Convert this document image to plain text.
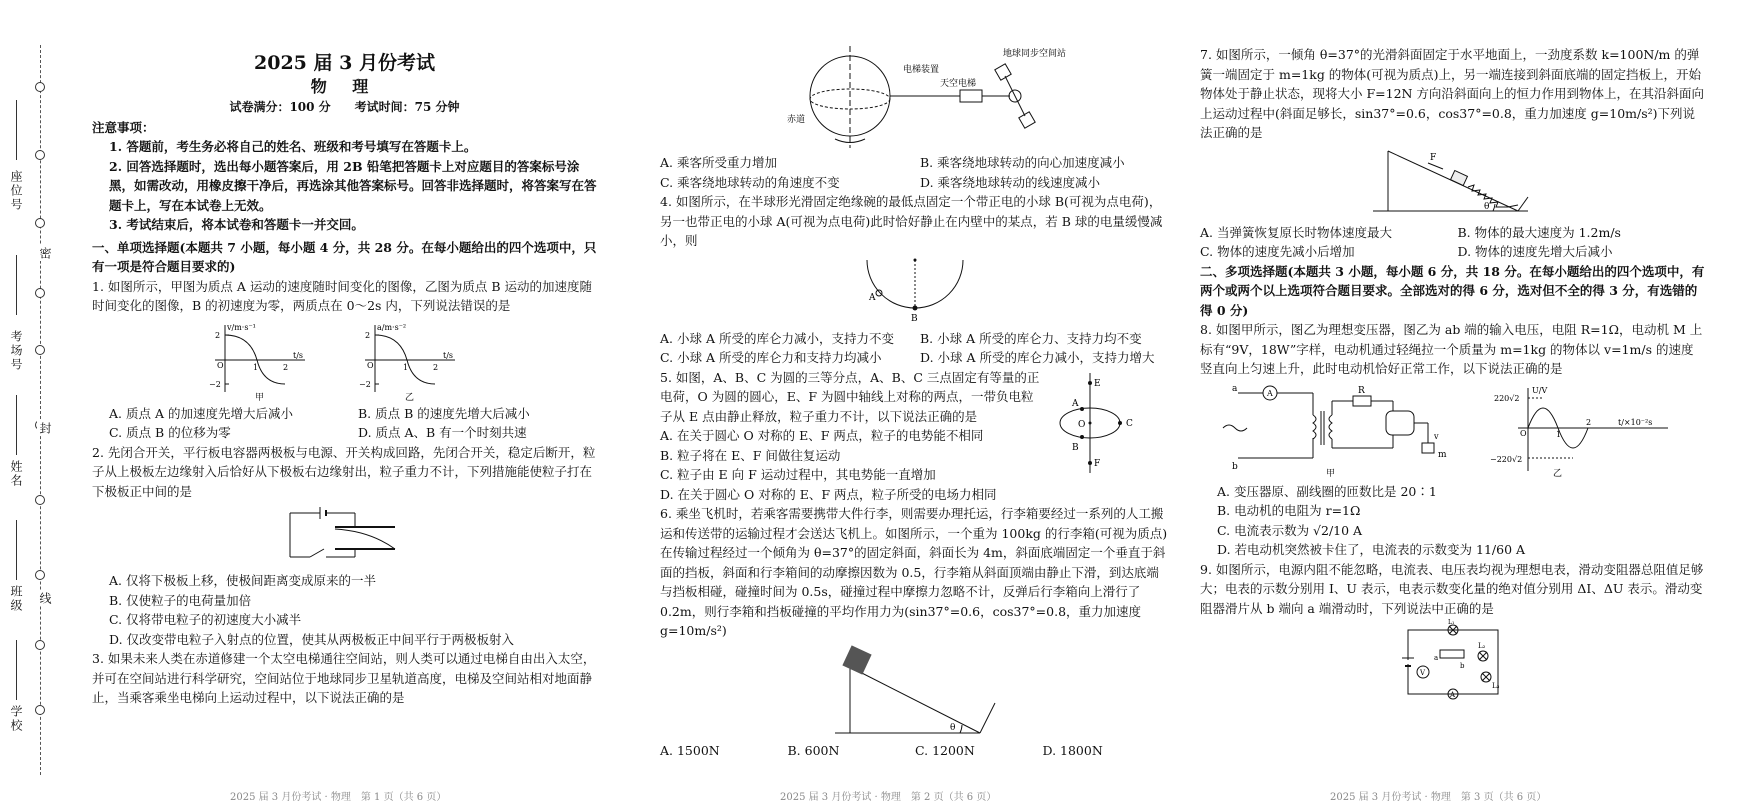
座位号
考场号
姓名
班级
学校
密
封
线
2025 届 3 月份考试
物 理
试卷满分：100 分　　考试时间：75 分钟

注意事项：

1. 答题前，考生务必将自己的姓名、班级和考号填写在答题卡上。

2. 回答选择题时，选出每小题答案后，用 2B 铅笔把答题卡上对应题目的答案标号涂黑，如需改动，用橡皮擦干净后，再选涂其他答案标号。回答非选择题时，将答案写在答题卡上，写在本试卷上无效。

3. 考试结束后，将本试卷和答题卡一并交回。

一、单项选择题(本题共 7 小题，每小题 4 分，共 28 分。在每小题给出的四个选项中，只有一项是符合题目要求的)

1. 如图所示，甲图为质点 A 运动的速度随时间变化的图像，乙图为质点 B 运动的加速度随时间变化的图像，B 的初速度为零，两质点在 0～2s 内，下列说法错误的是

v/m·s⁻¹
2
−2
O	1	2
t/s
甲
a/m·s⁻²
2
−2
O	1	2
t/s
乙

A. 质点 A 的加速度先增大后减小	B. 质点 B 的速度先增大后减小

C. 质点 B 的位移为零	D. 质点 A、B 有一个时刻共速

2. 先闭合开关，平行板电容器两极板与电源、开关构成回路，先闭合开关，稳定后断开，粒子从上极板左边缘射入后恰好从下极板右边缘射出，粒子重力不计，下列措施能使粒子打在下极板正中间的是

A. 仅将下极板上移，使极间距离变成原来的一半

B. 仅使粒子的电荷量加倍

C. 仅将带电粒子的初速度大小减半

D. 仅改变带电粒子入射点的位置，使其从两极板正中间平行于两极板射入

3. 如果未来人类在赤道修建一个太空电梯通往空间站，则人类可以通过电梯自由出入太空，并可在空间站进行科学研究，空间站位于地球同步卫星轨道高度，电梯及空间站相对地面静止，当乘客乘坐电梯向上运动过程中，以下说法正确的是

2025 届 3 月份考试 · 物理　第 1 页（共 6 页）
地球同步空间站
电梯装置
天空电梯
赤道

A. 乘客所受重力增加	B. 乘客绕地球转动的向心加速度减小

C. 乘客绕地球转动的角速度不变	D. 乘客绕地球转动的线速度减小

4. 如图所示，在半球形光滑固定绝缘碗的最低点固定一个带正电的小球 B(可视为点电荷)，另一也带正电的小球 A(可视为点电荷)此时恰好静止在内壁中的某点，若 B 球的电量缓慢减小，则

A
B

A. 小球 A 所受的库仑力减小，支持力不变	B. 小球 A 所受的库仑力、支持力均不变

C. 小球 A 所受的库仑力和支持力均减小	D. 小球 A 所受的库仑力减小，支持力增大

5. 如图，A、B、C 为圆的三等分点，A、B、C 三点固定有等量的正电荷，O 为圆的圆心，E、F 为圆中轴线上对称的两点，一带负电粒子从 E 点由静止释放，粒子重力不计，以下说法正确的是

A. 在关于圆心 O 对称的 E、F 两点，粒子的电势能不相同

B. 粒子将在 E、F 间做往复运动

C. 粒子由 E 向 F 运动过程中，其电势能一直增加

D. 在关于圆心 O 对称的 E、F 两点，粒子所受的电场力相同

E
A
O	C
B
F

6. 乘坐飞机时，若乘客需要携带大件行李，则需要办理托运，行李箱要经过一系列的人工搬运和传送带的运输过程才会送达飞机上。如图所示，一个重为 100kg 的行李箱(可视为质点)在传输过程经过一个倾角为 θ=37°的固定斜面，斜面长为 4m，斜面底端固定一个垂直于斜面的挡板，斜面和行李箱间的动摩擦因数为 0.5，行李箱从斜面顶端由静止下滑，到达底端与挡板相碰，碰撞时间为 0.5s，碰撞过程中摩擦力忽略不计，反弹后行李箱向上滑行了 0.2m，则行李箱和挡板碰撞的平均作用力为(sin37°=0.6，cos37°=0.8，重力加速度 g=10m/s²)

θ

A. 1500N	B. 600N	C. 1200N	D. 1800N

2025 届 3 月份考试 · 物理　第 2 页（共 6 页）

7. 如图所示，一倾角 θ=37°的光滑斜面固定于水平地面上，一劲度系数 k=100N/m 的弹簧一端固定于 m=1kg 的物体(可视为质点)上，另一端连接到斜面底端的固定挡板上，开始物体处于静止状态，现将大小 F=12N 方向沿斜面向上的恒力作用到物体上，在其沿斜面向上运动过程中(斜面足够长，sin37°=0.6，cos37°=0.8，重力加速度 g=10m/s²)下列说法正确的是

F
θ

A. 当弹簧恢复原长时物体速度最大	B. 物体的最大速度为 1.2m/s

C. 物体的速度先减小后增加	D. 物体的速度先增大后减小

二、多项选择题(本题共 3 小题，每小题 6 分，共 18 分。在每小题给出的四个选项中，有两个或两个以上选项符合题目要求。全部选对的得 6 分，选对但不全的得 3 分，有选错的得 0 分)

8. 如图甲所示，图乙为理想变压器，图乙为 ab 端的输入电压，电阻 R=1Ω，电动机 M 上标有“9V，18W”字样，电动机通过轻绳拉一个质量为 m=1kg 的物体以 v=1m/s 的速度竖直向上匀速上升，此时电动机恰好正常工作，以下说法正确的是

a
b
A	R
m
v
甲
U/V
220√2
−220√2
O	1
2	t/×10⁻²s
乙

A. 变压器原、副线圈的匝数比是 20∶1

B. 电动机的电阻为 r=1Ω

C. 电流表示数为 √2/10 A

D. 若电动机突然被卡住了，电流表的示数变为 11/60 A

9. 如图所示，电源内阻不能忽略，电流表、电压表均视为理想电表，滑动变阻器总阻值足够大；电表的示数分别用 I、U 表示，电表示数变化量的绝对值分别用 ΔI、ΔU 表示。滑动变阻器滑片从 b 端向 a 端滑动时，下列说法中正确的是

L₁
L₂
L₃
V
a
b
A
2025 届 3 月份考试 · 物理　第 3 页（共 6 页）
